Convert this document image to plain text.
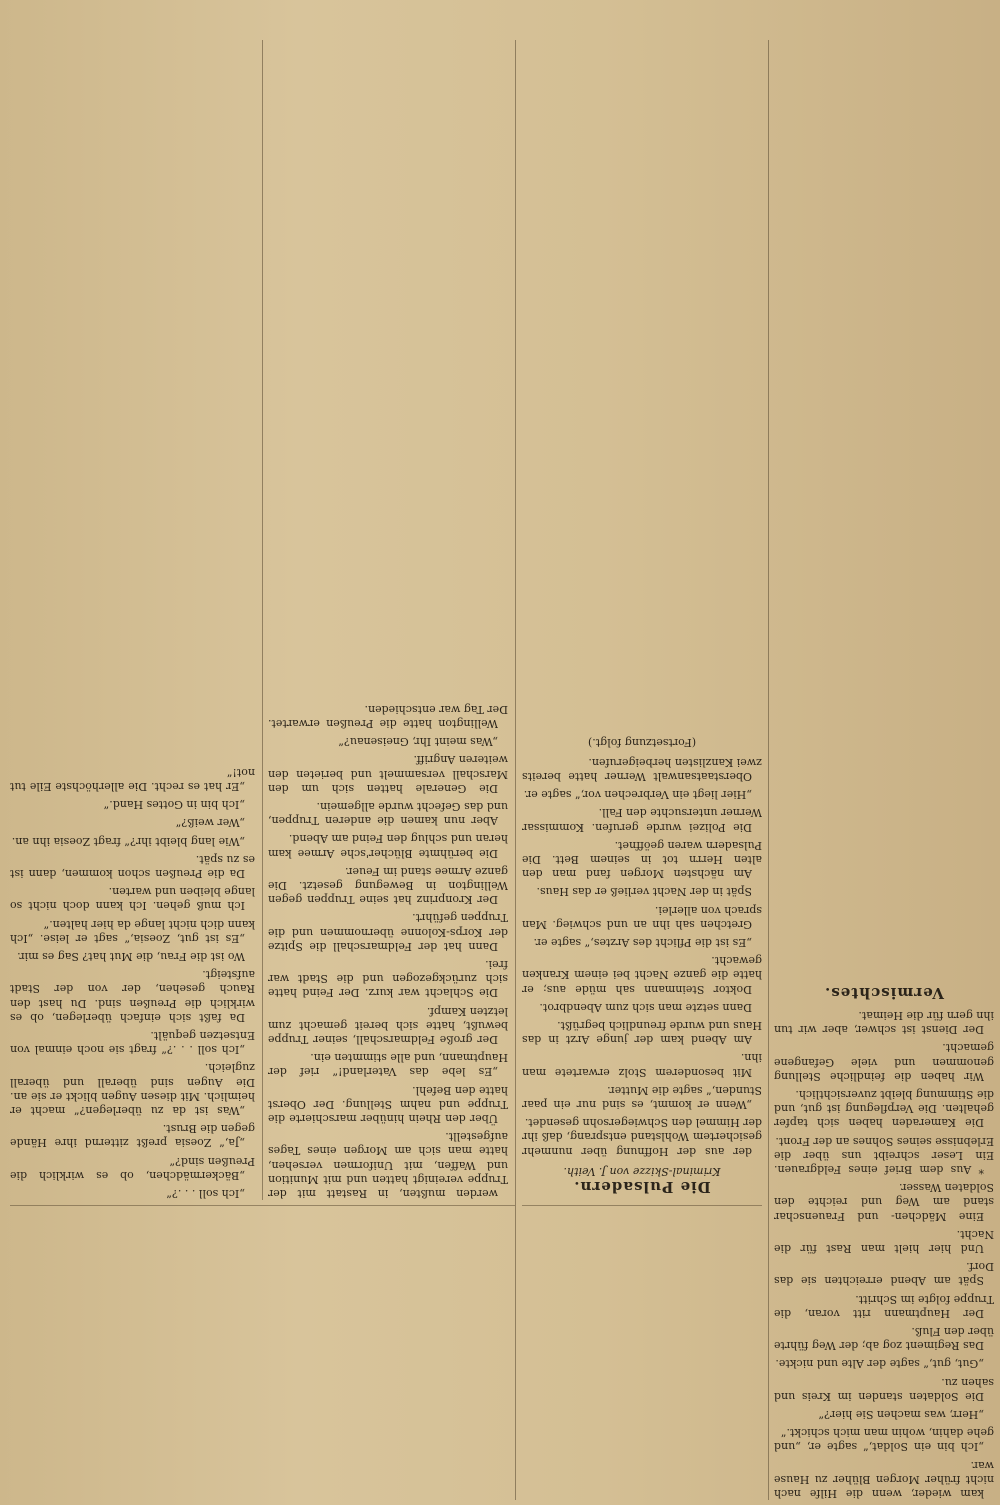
„Ich soll . . .?“

„Bäckermädchen, ob es wirklich die Preußen sind?“

„Ja,“ Zoesia preßt zitternd ihre Hände gegen die Brust.

„Was ist da zu überlegen?“ macht er heimlich. Mit diesen Augen blickt er sie an. Die Augen sind überall und überall zugleich.

„Ich soll . . .?“ fragt sie noch einmal von Entsetzen gequält.

Da faßt sich einfach überlegen, ob es wirklich die Preußen sind. Du hast den Rauch gesehen, der von der Stadt aufsteigt.

Wo ist die Frau, die Mut hat? Sag es mir.

„Es ist gut, Zoesia,“ sagt er leise. „Ich kann dich nicht lange da hier halten.“

Ich muß gehen. Ich kann doch nicht so lange bleiben und warten.

Da die Preußen schon kommen, dann ist es zu spät.

„Wie lang bleibt ihr?“ fragt Zoesia ihn an.

„Wer weiß?“

„Ich bin in Gottes Hand.“

„Er hat es recht. Die allerhöchste Eile tut not!“

werden mußten, in Rastatt mit der Truppe vereinigt hatten und mit Munition und Waffen, mit Uniformen versehen, hatte man sich am Morgen eines Tages aufgestellt.

Über den Rhein hinüber marschierte die Truppe und nahm Stellung. Der Oberst hatte den Befehl.

„Es lebe das Vaterland!“ rief der Hauptmann, und alle stimmten ein.

Der große Feldmarschall, seiner Truppe bewußt, hatte sich bereit gemacht zum letzten Kampf.

Die Schlacht war kurz. Der Feind hatte sich zurückgezogen und die Stadt war frei.

Dann hat der Feldmarschall die Spitze der Korps-Kolonne übernommen und die Truppen geführt.

Der Kronprinz hat seine Truppen gegen Wellington in Bewegung gesetzt. Die ganze Armee stand im Feuer.

Die berühmte Blücher'sche Armee kam heran und schlug den Feind am Abend.

Aber nun kamen die anderen Truppen, und das Gefecht wurde allgemein.

Die Generale hatten sich um den Marschall versammelt und berieten den weiteren Angriff.

„Was meint Ihr, Gneisenau?“

Wellington hatte die Preußen erwartet. Der Tag war entschieden.

Die Pulsadern.
Kriminal-Skizze von J. Veith.

der aus der Hoffnung über nunmehr gesichertem Wohlstand entsprang, daß ihr der Himmel den Schwiegersohn gesendet.

„Wenn er kommt, es sind nur ein paar Stunden,“ sagte die Mutter.

Mit besonderem Stolz erwartete man ihn.

Am Abend kam der junge Arzt in das Haus und wurde freundlich begrüßt.

Dann setzte man sich zum Abendbrot.

Doktor Steinmann sah müde aus; er hatte die ganze Nacht bei einem Kranken gewacht.

„Es ist die Pflicht des Arztes,“ sagte er.

Gretchen sah ihn an und schwieg. Man sprach von allerlei.

Spät in der Nacht verließ er das Haus.

Am nächsten Morgen fand man den alten Herrn tot in seinem Bett. Die Pulsadern waren geöffnet.

Die Polizei wurde gerufen. Kommissar Werner untersuchte den Fall.

„Hier liegt ein Verbrechen vor,“ sagte er.

Oberstaatsanwalt Werner hatte bereits zwei Kanzlisten herbeigerufen.

(Fortsetzung folgt.)

kam wieder, wenn die Hilfe nach nicht früher Morgen Blüher zu Hause war.

„Ich bin ein Soldat,“ sagte er, „und gehe dahin, wohin man mich schickt.“

„Herr, was machen Sie hier?“

Die Soldaten standen im Kreis und sahen zu.

„Gut, gut,“ sagte der Alte und nickte.

Das Regiment zog ab; der Weg führte über den Fluß.

Der Hauptmann ritt voran, die Truppe folgte im Schritt.

Spät am Abend erreichten sie das Dorf.

Und hier hielt man Rast für die Nacht.

Eine Mädchen- und Frauenschar stand am Weg und reichte den Soldaten Wasser.

* Aus dem Brief eines Feldgrauen. Ein Leser schreibt uns über die Erlebnisse seines Sohnes an der Front.

Die Kameraden haben sich tapfer gehalten. Die Verpflegung ist gut, und die Stimmung bleibt zuversichtlich.

Wir haben die feindliche Stellung genommen und viele Gefangene gemacht.

Der Dienst ist schwer, aber wir tun ihn gern für die Heimat.

Vermischtes.
